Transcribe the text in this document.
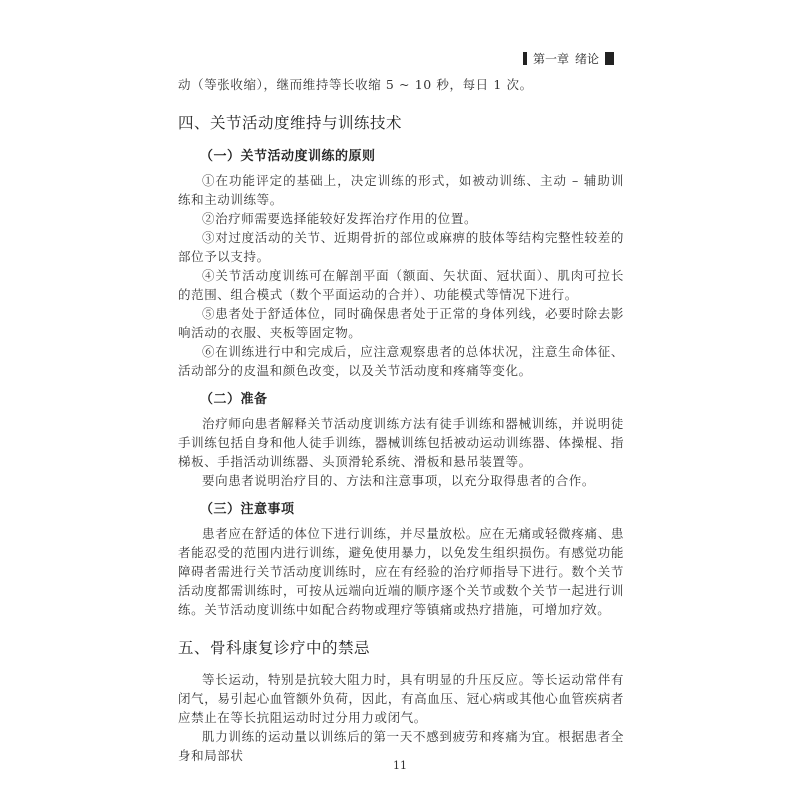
第一章 绪论

动（等张收缩），继而维持等长收缩 5 ~ 10 秒，每日 1 次。

四、关节活动度维持与训练技术
（一）关节活动度训练的原则

①在功能评定的基础上，决定训练的形式，如被动训练、主动 – 辅助训练和主动训练等。

②治疗师需要选择能较好发挥治疗作用的位置。

③对过度活动的关节、近期骨折的部位或麻痹的肢体等结构完整性较差的部位予以支持。

④关节活动度训练可在解剖平面（额面、矢状面、冠状面）、肌肉可拉长的范围、组合模式（数个平面运动的合并）、功能模式等情况下进行。

⑤患者处于舒适体位，同时确保患者处于正常的身体列线，必要时除去影响活动的衣服、夹板等固定物。

⑥在训练进行中和完成后，应注意观察患者的总体状况，注意生命体征、活动部分的皮温和颜色改变，以及关节活动度和疼痛等变化。

（二）准备

治疗师向患者解释关节活动度训练方法有徒手训练和器械训练，并说明徒手训练包括自身和他人徒手训练，器械训练包括被动运动训练器、体操棍、指梯板、手指活动训练器、头顶滑轮系统、滑板和悬吊装置等。

要向患者说明治疗目的、方法和注意事项，以充分取得患者的合作。

（三）注意事项

患者应在舒适的体位下进行训练，并尽量放松。应在无痛或轻微疼痛、患者能忍受的范围内进行训练，避免使用暴力，以免发生组织损伤。有感觉功能障碍者需进行关节活动度训练时，应在有经验的治疗师指导下进行。数个关节活动度都需训练时，可按从远端向近端的顺序逐个关节或数个关节一起进行训练。关节活动度训练中如配合药物或理疗等镇痛或热疗措施，可增加疗效。

五、骨科康复诊疗中的禁忌

等长运动，特别是抗较大阻力时，具有明显的升压反应。等长运动常伴有闭气，易引起心血管额外负荷，因此，有高血压、冠心病或其他心血管疾病者应禁止在等长抗阻运动时过分用力或闭气。

肌力训练的运动量以训练后的第一天不感到疲劳和疼痛为宜。根据患者全身和局部状

11
